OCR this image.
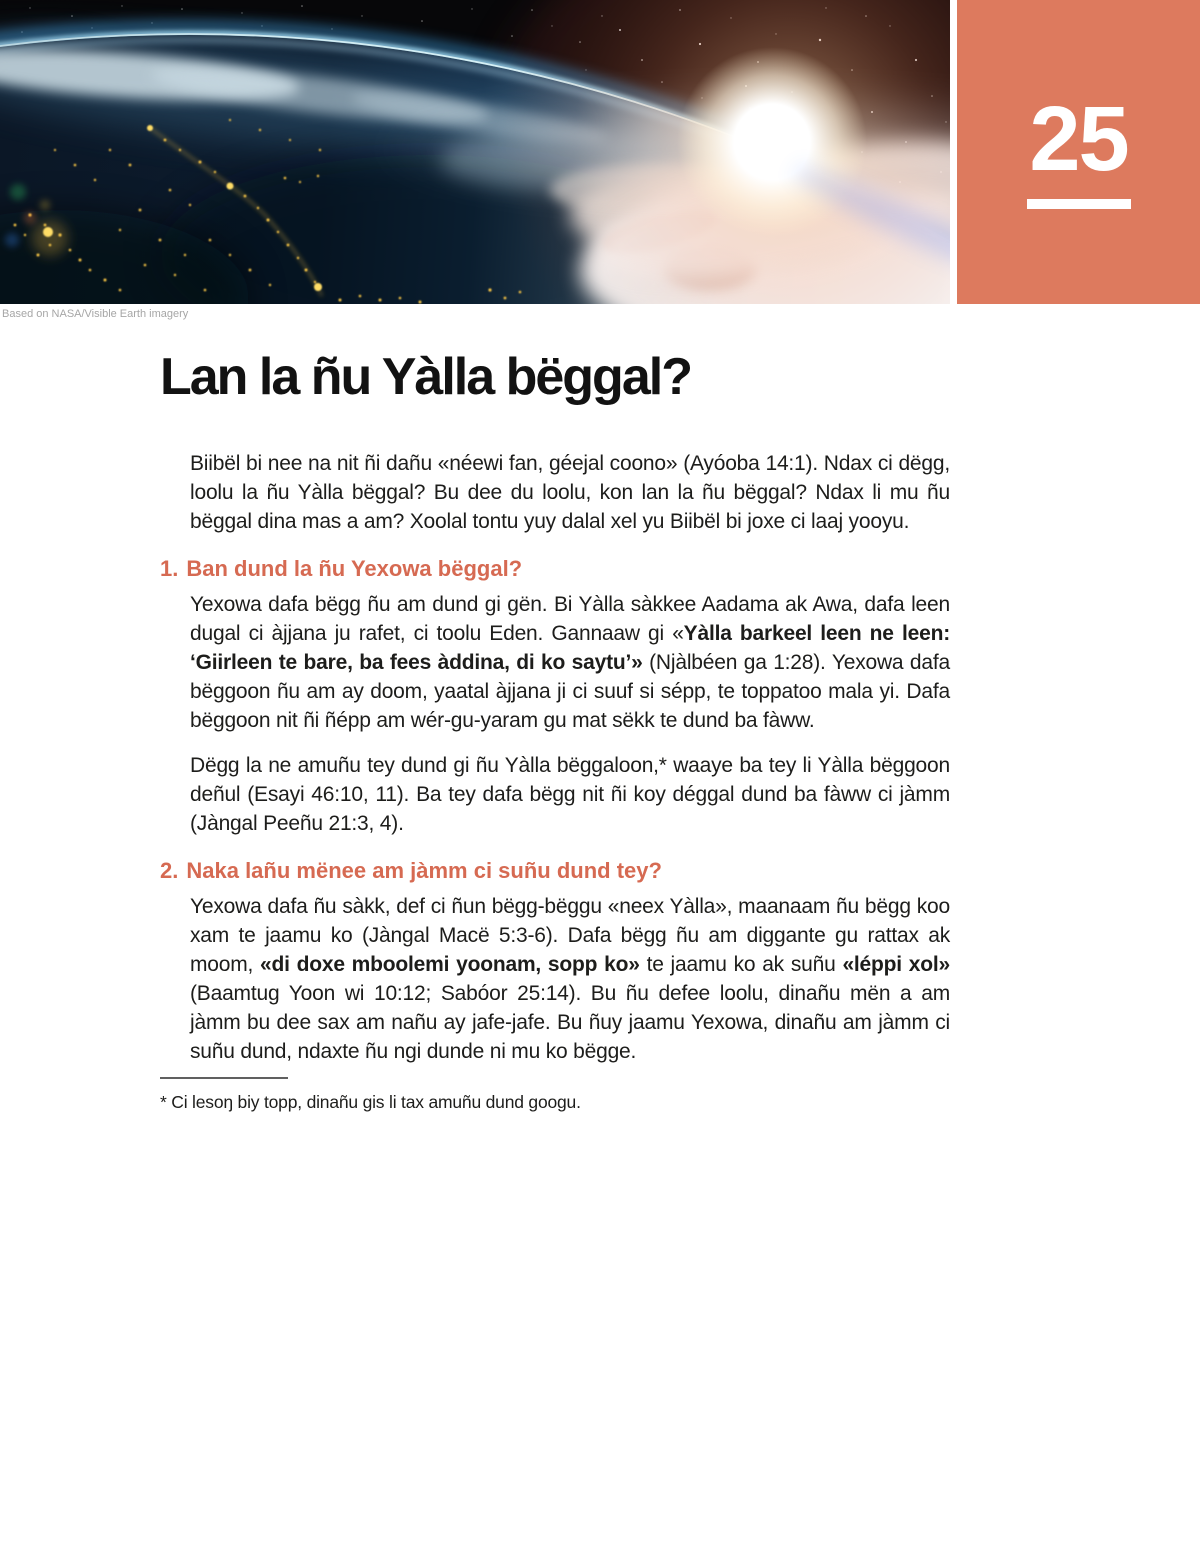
25
Based on NASA/Visible Earth imagery
Lan la ñu Yàlla bëggal?

Biibël bi nee na nit ñi dañu «néewi fan, géejal coono» (Ayóoba 14:1). Ndax ci dëgg, loolu la ñu Yàlla bëggal? Bu dee du loolu, kon lan la ñu bëggal? Ndax li mu ñu bëggal dina mas a am? Xoolal tontu yuy dalal xel yu Biibël bi joxe ci laaj yooyu.

1. Ban dund la ñu Yexowa bëggal?

Yexowa dafa bëgg ñu am dund gi gën. Bi Yàlla sàkkee Aadama ak Awa, dafa leen dugal ci àjjana ju rafet, ci toolu Eden. Gannaaw gi «Yàlla barkeel leen ne leen: ‘Giirleen te bare, ba fees àddina, di ko saytu’» (Njàlbéen ga 1:28). Yexowa dafa bëggoon ñu am ay doom, yaatal àjjana ji ci suuf si sépp, te toppatoo mala yi. Dafa bëggoon nit ñi ñépp am wér-gu-yaram gu mat sëkk te dund ba fàww.

Dëgg la ne amuñu tey dund gi ñu Yàlla bëggaloon,* waaye ba tey li Yàlla bëggoon deñul (Esayi 46:10, 11). Ba tey dafa bëgg nit ñi koy déggal dund ba fàww ci jàmm (Jàngal Peeñu 21:3, 4).

2. Naka lañu mënee am jàmm ci suñu dund tey?

Yexowa dafa ñu sàkk, def ci ñun bëgg-bëggu «neex Yàlla», maanaam ñu bëgg koo xam te jaamu ko (Jàngal Macë 5:3-6). Dafa bëgg ñu am diggante gu rattax ak moom, «di doxe mboolemi yoonam, sopp ko» te jaamu ko ak suñu «léppi xol» (Baamtug Yoon wi 10:12; Sabóor 25:14). Bu ñu defee loolu, dinañu mën a am jàmm bu dee sax am nañu ay jafe-jafe. Bu ñuy jaamu Yexowa, dinañu am jàmm ci suñu dund, ndaxte ñu ngi dunde ni mu ko bëgge.

* Ci lesoŋ biy topp, dinañu gis li tax amuñu dund googu.
